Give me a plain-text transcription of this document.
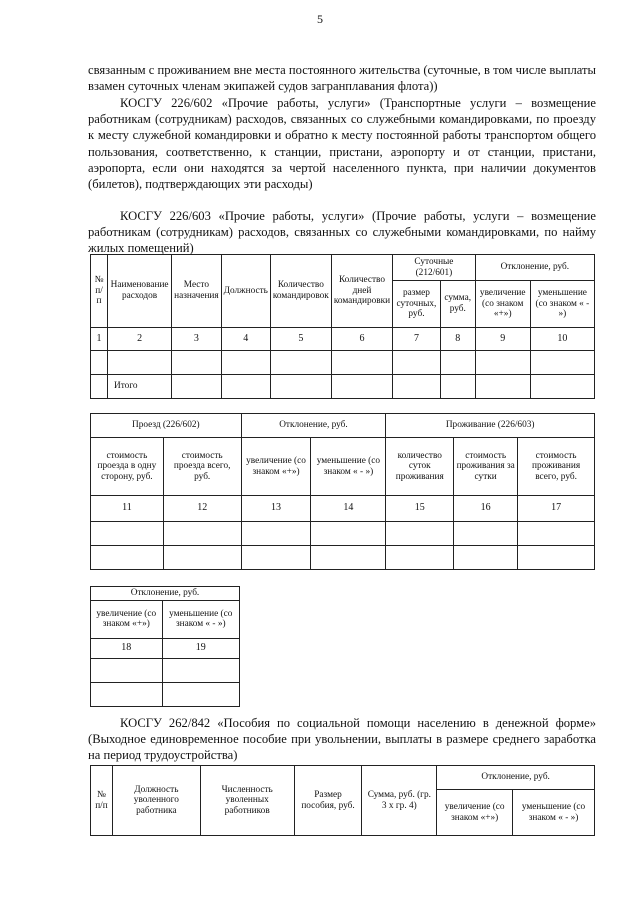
5
связанным с проживанием вне места постоянного жительства (суточные, в том числе выплаты взамен суточных членам экипажей судов загранплавания флота))
КОСГУ 226/602 «Прочие работы, услуги» (Транспортные услуги – возмещение работникам (сотрудникам) расходов, связанных со служебными командировками, по проезду к месту служебной командировки и обратно к месту постоянной работы транспортом общего пользования, соответственно, к станции, пристани, аэропорту и от станции, пристани, аэропорта, если они находятся за чертой населенного пункта, при наличии документов (билетов), подтверждающих эти расходы)
КОСГУ 226/603 «Прочие работы, услуги» (Прочие работы, услуги – возмещение работникам (сотрудникам) расходов, связанных со служебными командировками, по найму жилых помещений)
№ п/п	Наименование расходов	Место назначения	Должность	Количество командировок	Количество дней командировки	Суточные (212/601)		Отклонение, руб.	
						размер суточных, руб.	сумма, руб.	увеличение (со знаком «+»)	уменьшение (со знаком « - »)
1	2	3	4	5	6	7	8	9	10

	Итого								
Проезд (226/602)		Отклонение, руб.		Проживание (226/603)		
стоимость проезда в одну сторону, руб.	стоимость проезда всего, руб.	увеличение (со знаком «+»)	уменьшение (со знаком « - »)	количество суток проживания	стоимость проживания за сутки	стоимость проживания всего, руб.
11	12	13	14	15	16	17

Отклонение, руб.	
увеличение (со знаком «+»)	уменьшение (со знаком « - »)
18	19

КОСГУ 262/842 «Пособия по социальной помощи населению в денежной форме» (Выходное единовременное пособие при увольнении, выплаты в размере среднего заработка на период трудоустройства)
№ п/п	Должность уволенного работника	Численность уволенных работников	Размер пособия, руб.	Сумма, руб. (гр. 3 х гр. 4)	Отклонение, руб.	
					увеличение (со знаком «+»)	уменьшение (со знаком « - »)
